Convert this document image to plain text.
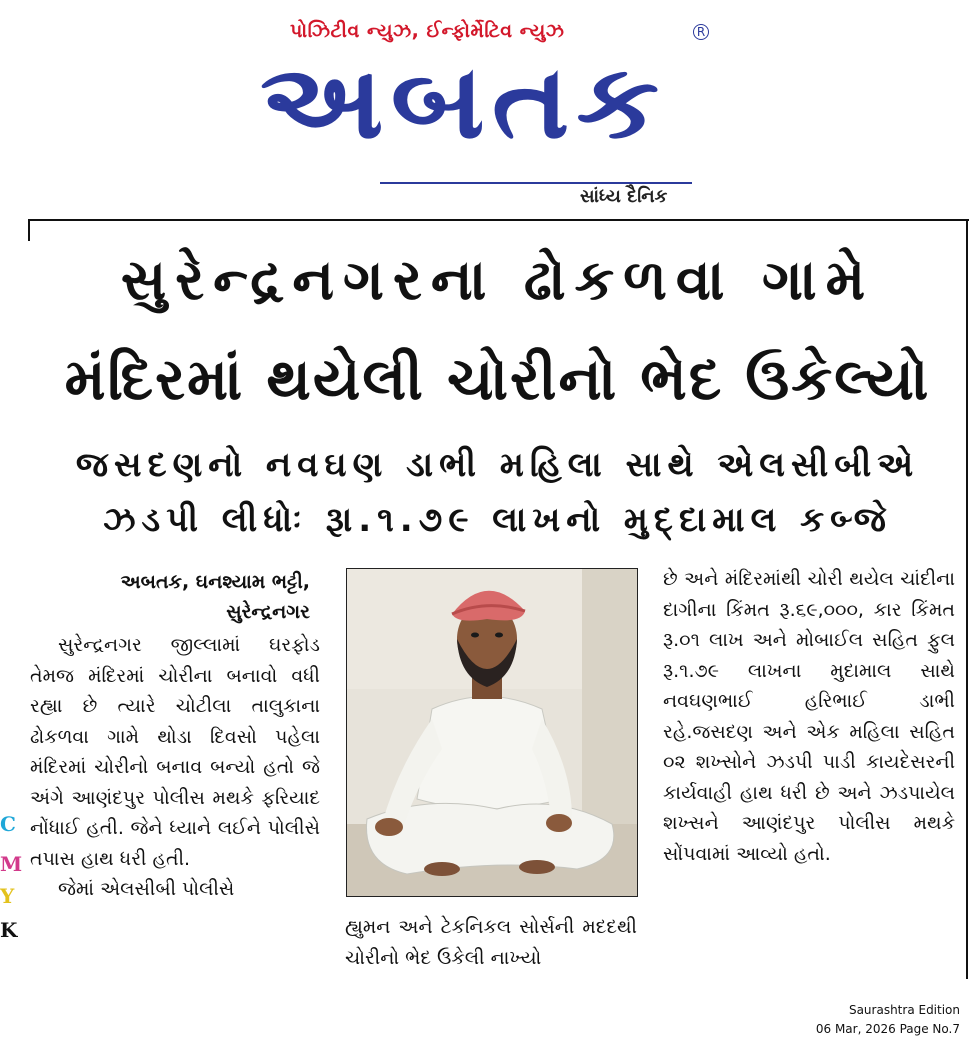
પોઝિટીવ ન્યુઝ, ઈન્ફોર્મેટિવ ન્યુઝ
અબતક
R
સાંધ્ય દૈનિક
સુરેન્દ્રનગરના ઢોકળવા ગામે
મંદિરમાં થયેલી ચોરીનો ભેદ ઉકેલ્યો
જસદણનો નવઘણ ડાભી મહિલા સાથે એલસીબીએ
ઝડપી લીધોઃ રૂા.૧.૭૯ લાખનો મુદ્દામાલ કબ્જે
અબતક, ઘનશ્યામ ભટ્ટી,
સુરેન્દ્રનગર

સુરેન્દ્રનગર જીલ્લામાં ઘરફોડ તેમજ મંદિરમાં ચોરીના બનાવો વધી રહ્યા છે ત્યારે ચોટીલા તાલુકાના ઢોકળવા ગામે થોડા દિવસો પહેલા મંદિરમાં ચોરીનો બનાવ બન્યો હતો જે અંગે આણંદપુર પોલીસ મથકે ફરિયાદ નોંધાઈ હતી. જેને ધ્યાને લઈને પોલીસે તપાસ હાથ ધરી હતી.

જેમાં એલસીબી પોલીસે

હ્યુમન અને ટેકનિકલ સોર્સની મદદથી ચોરીનો ભેદ ઉકેલી નાખ્યો

છે અને મંદિરમાંથી ચોરી થયેલ ચાંદીના દાગીના કિંમત રૂ.૬૯,૦૦૦, કાર કિંમત રૂ.૦૧ લાખ અને મોબાઈલ સહિત ફુલ રૂ.૧.૭૯ લાખના મુદામાલ સાથે નવઘણભાઈ હરિભાઈ ડાભી રહે.જસદણ અને એક મહિલા સહિત ૦૨ શખ્સોને ઝડપી પાડી કાયદેસરની કાર્યવાહી હાથ ધરી છે અને ઝડપાયેલ શખ્સને આણંદપુર પોલીસ મથકે સોંપવામાં આવ્યો હતો.

C
M
Y
K
Saurashtra Edition
06 Mar, 2026 Page No.7
